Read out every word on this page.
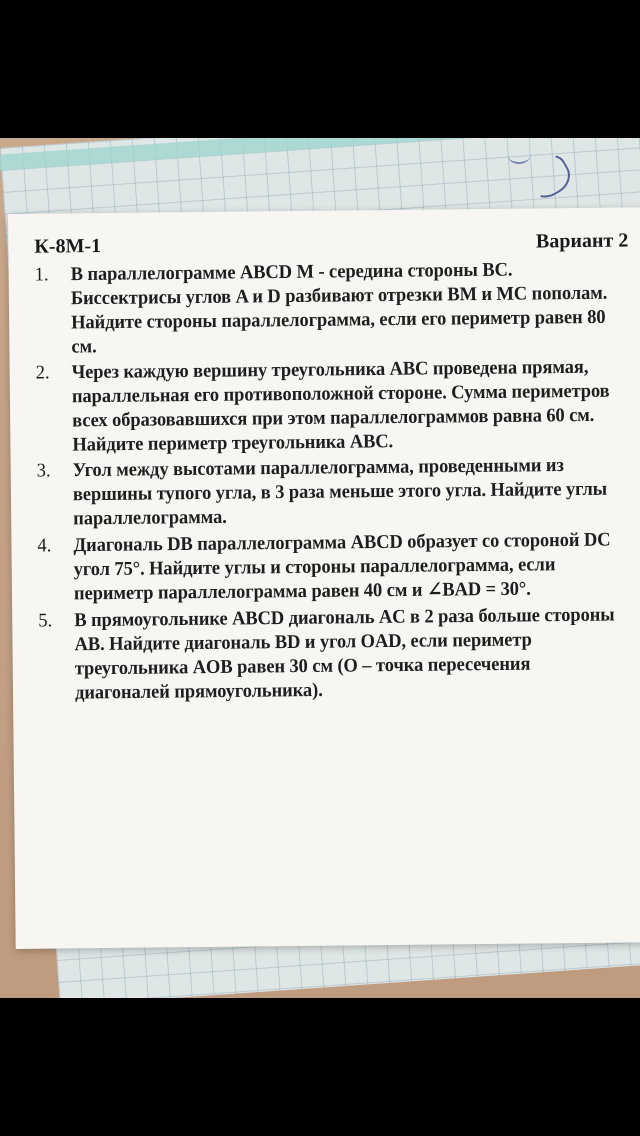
К-8М-1	Вариант 2
1.	В параллелограмме ABCD M - середина стороны BC. Биссектрисы углов A и D разбивают отрезки BM и MC пополам. Найдите стороны параллелограмма, если его периметр равен 80 см.
2.	Через каждую вершину треугольника ABC проведена прямая, параллельная его противоположной стороне. Сумма периметров всех образовавшихся при этом параллелограммов равна 60 см. Найдите периметр треугольника ABC.
3.	Угол между высотами параллелограмма, проведенными из вершины тупого угла, в 3 раза меньше этого угла. Найдите углы параллелограмма.
4.	Диагональ DB параллелограмма ABCD образует со стороной DC угол 75°. Найдите углы и стороны параллелограмма, если периметр параллелограмма равен 40 см и ∠BAD = 30°.
5.	В прямоугольнике ABCD диагональ AC в 2 раза больше стороны AB. Найдите диагональ BD и угол OAD, если периметр треугольника AOB равен 30 см (O – точка пересечения диагоналей прямоугольника).
